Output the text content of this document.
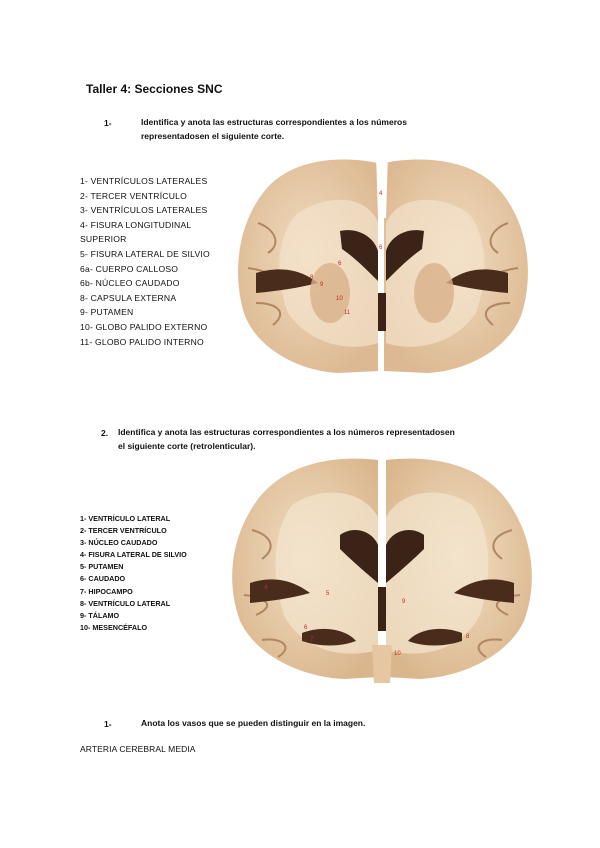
Taller 4: Secciones SNC
1-	Identifica y anota las estructuras correspondientes a los números
representadosen el siguiente corte.
1- VENTRÍCULOS LATERALES
2- TERCER VENTRÍCULO
3- VENTRÍCULOS LATERALES
4- FISURA LONGITUDINAL
SUPERIOR
5- FISURA LATERAL DE SILVIO
6a- CUERPO CALLOSO
6b- NÚCLEO CAUDADO
8- CAPSULA EXTERNA
9- PUTAMEN
10- GLOBO PALIDO EXTERNO
11- GLOBO PALIDO INTERNO
4
6
6
8
9
10
11
2. Identifica y anota las estructuras correspondientes a los números representadosen
el siguiente corte (retrolenticular).
1- VENTRÍCULO LATERAL
2- TERCER VENTRÍCULO
3- NÚCLEO CAUDADO
4- FISURA LATERAL DE SILVIO
5- PUTAMEN
6- CAUDADO
7- HIPOCAMPO
8- VENTRÍCULO LATERAL
9- TÁLAMO
10- MESENCÉFALO
4
5
6
7	8
9
10
1-	Anota los vasos que se pueden distinguir en la imagen.
ARTERIA CEREBRAL MEDIA
